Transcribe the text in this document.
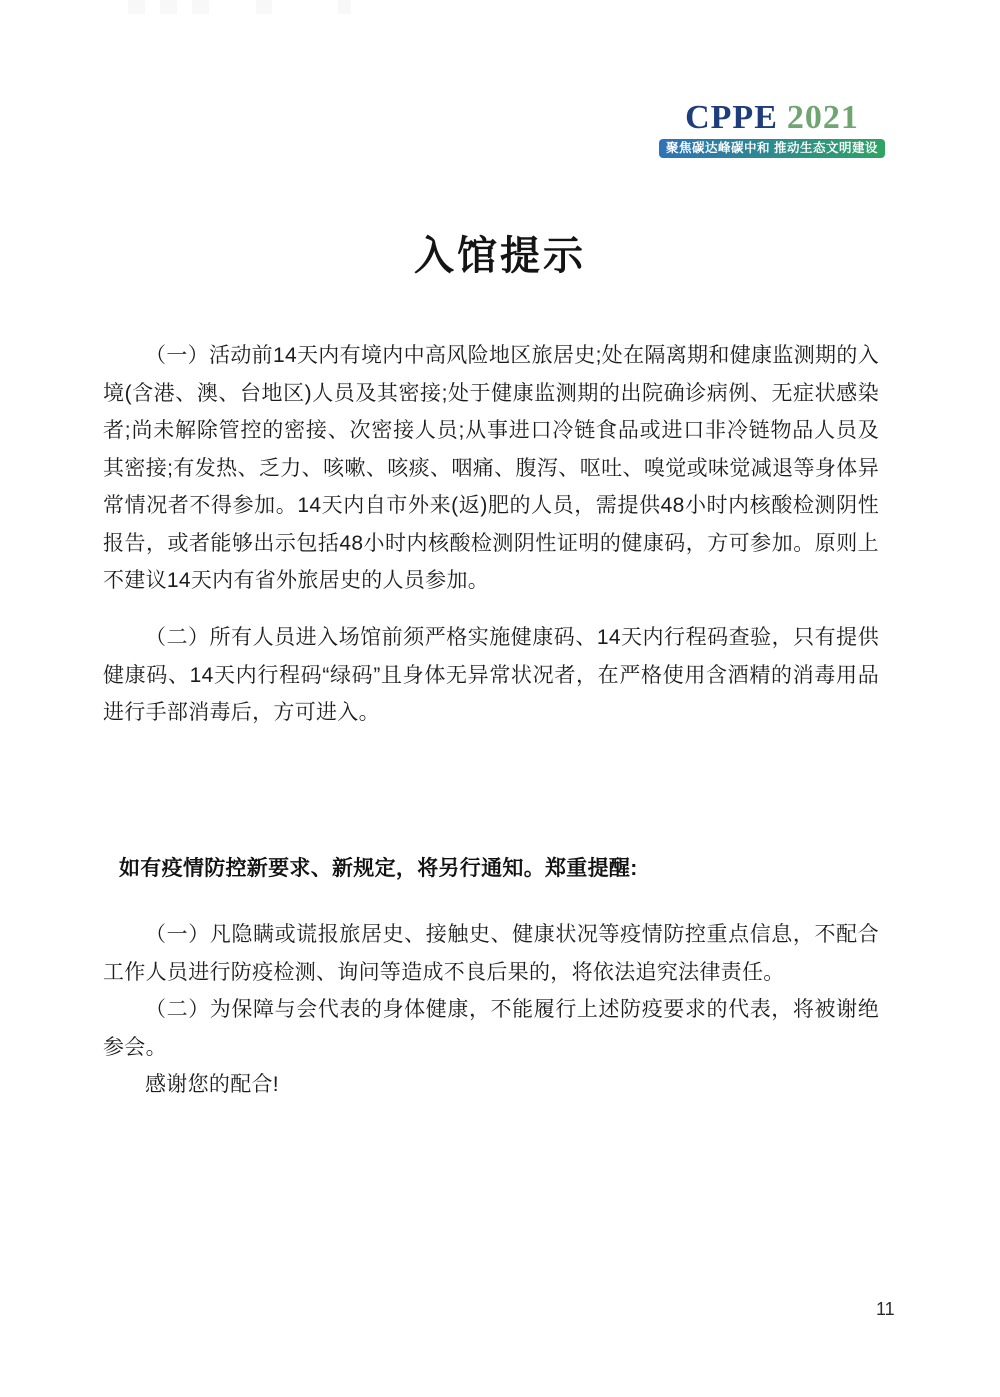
CPPE 2021
聚焦碳达峰碳中和 推动生态文明建设
入馆提示

（一）活动前14天内有境内中高风险地区旅居史;处在隔离期和健康监测期的入境(含港、澳、台地区)人员及其密接;处于健康监测期的出院确诊病例、无症状感染者;尚未解除管控的密接、次密接人员;从事进口冷链食品或进口非冷链物品人员及其密接;有发热、乏力、咳嗽、咳痰、咽痛、腹泻、呕吐、嗅觉或味觉减退等身体异常情况者不得参加。14天内自市外来(返)肥的人员，需提供48小时内核酸检测阴性报告，或者能够出示包括48小时内核酸检测阴性证明的健康码，方可参加。原则上不建议14天内有省外旅居史的人员参加。

（二）所有人员进入场馆前须严格实施健康码、14天内行程码查验，只有提供健康码、14天内行程码“绿码”且身体无异常状况者，在严格使用含酒精的消毒用品进行手部消毒后，方可进入。

如有疫情防控新要求、新规定，将另行通知。郑重提醒:

（一）凡隐瞒或谎报旅居史、接触史、健康状况等疫情防控重点信息，不配合工作人员进行防疫检测、询问等造成不良后果的，将依法追究法律责任。

（二）为保障与会代表的身体健康，不能履行上述防疫要求的代表，将被谢绝参会。

感谢您的配合!

11
